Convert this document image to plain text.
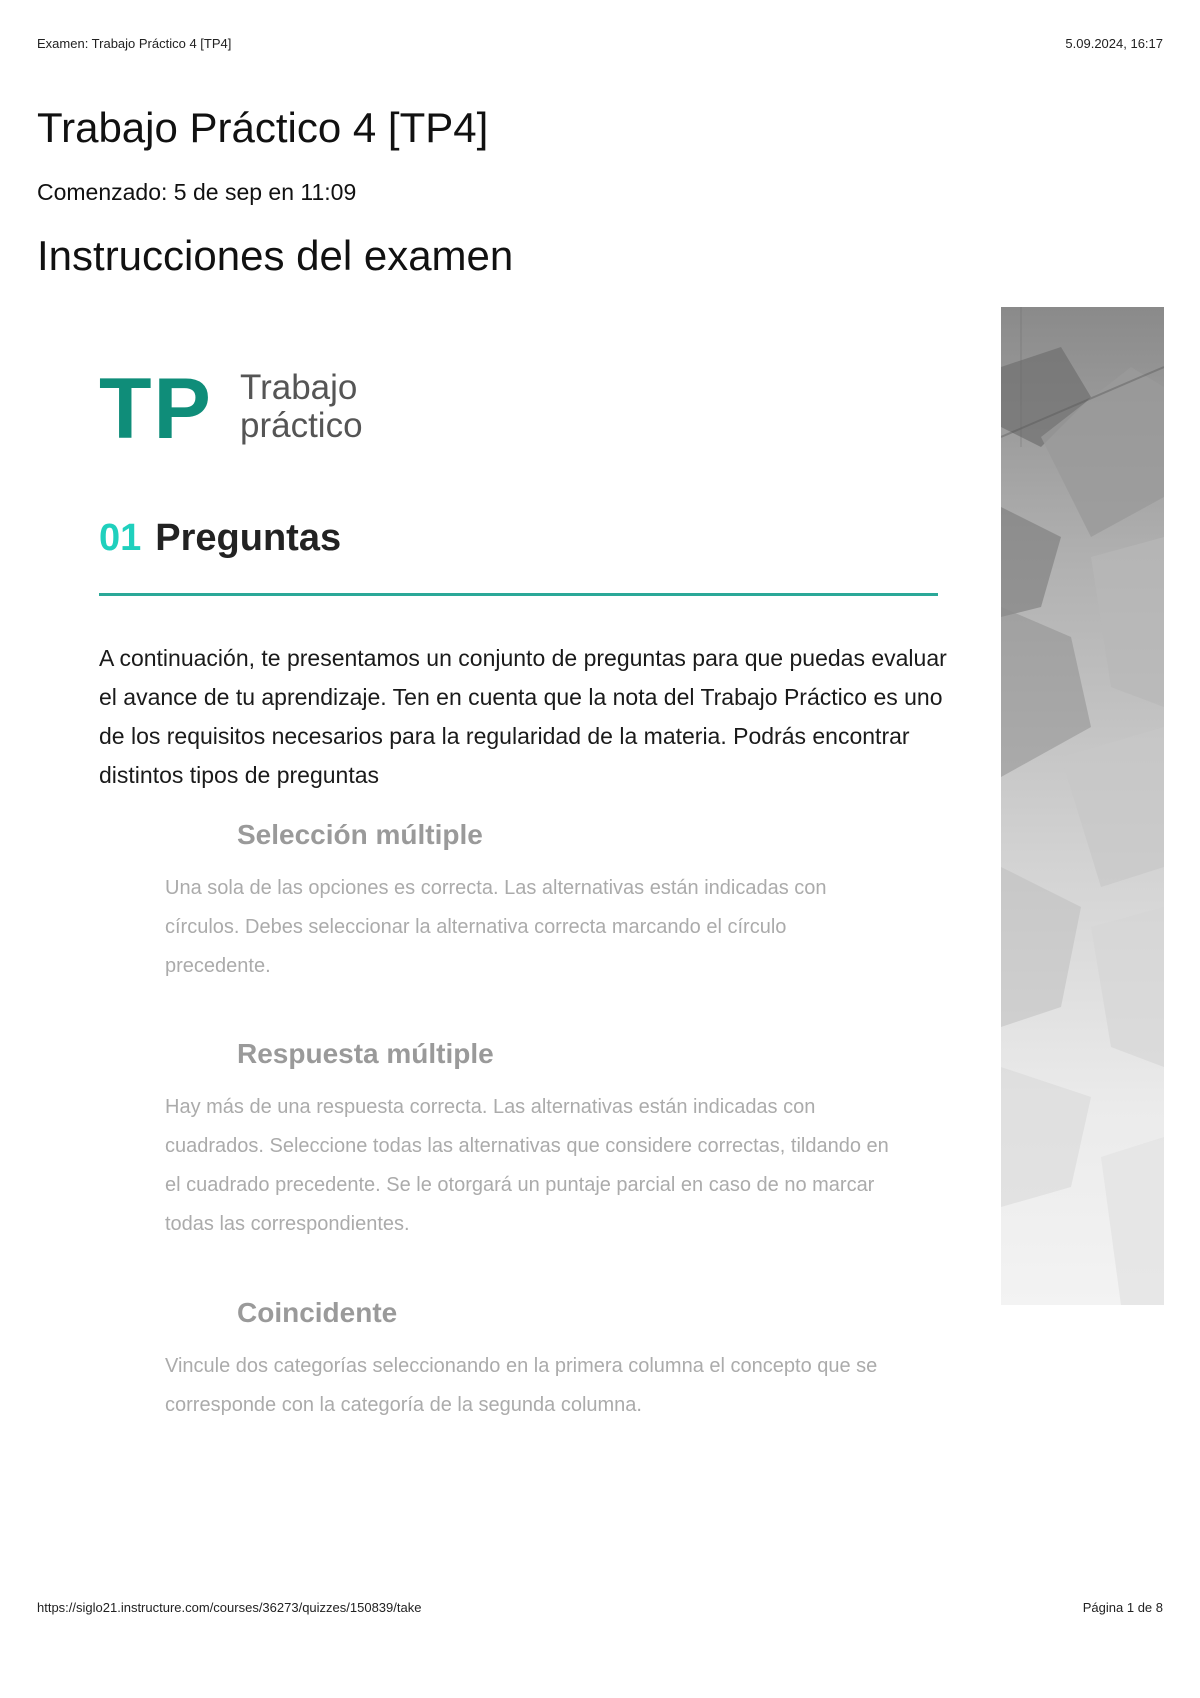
Examen: Trabajo Práctico 4 [TP4]	5.09.2024, 16:17
Trabajo Práctico 4 [TP4]
Comenzado: 5 de sep en 11:09
Instrucciones del examen
TP Trabajo
práctico
01 Preguntas

A continuación, te presentamos un conjunto de preguntas para que puedas evaluar el avance de tu aprendizaje. Ten en cuenta que la nota del Trabajo Práctico es uno de los requisitos necesarios para la regularidad de la materia. Podrás encontrar distintos tipos de preguntas

Selección múltiple

Una sola de las opciones es correcta. Las alternativas están indicadas con círculos. Debes seleccionar la alternativa correcta marcando el círculo precedente.

Respuesta múltiple

Hay más de una respuesta correcta. Las alternativas están indicadas con cuadrados. Seleccione todas las alternativas que considere correctas, tildando en el cuadrado precedente. Se le otorgará un puntaje parcial en caso de no marcar todas las correspondientes.

Coincidente

Vincule dos categorías seleccionando en la primera columna el concepto que se corresponde con la categoría de la segunda columna.

https://siglo21.instructure.com/courses/36273/quizzes/150839/take	Página 1 de 8
